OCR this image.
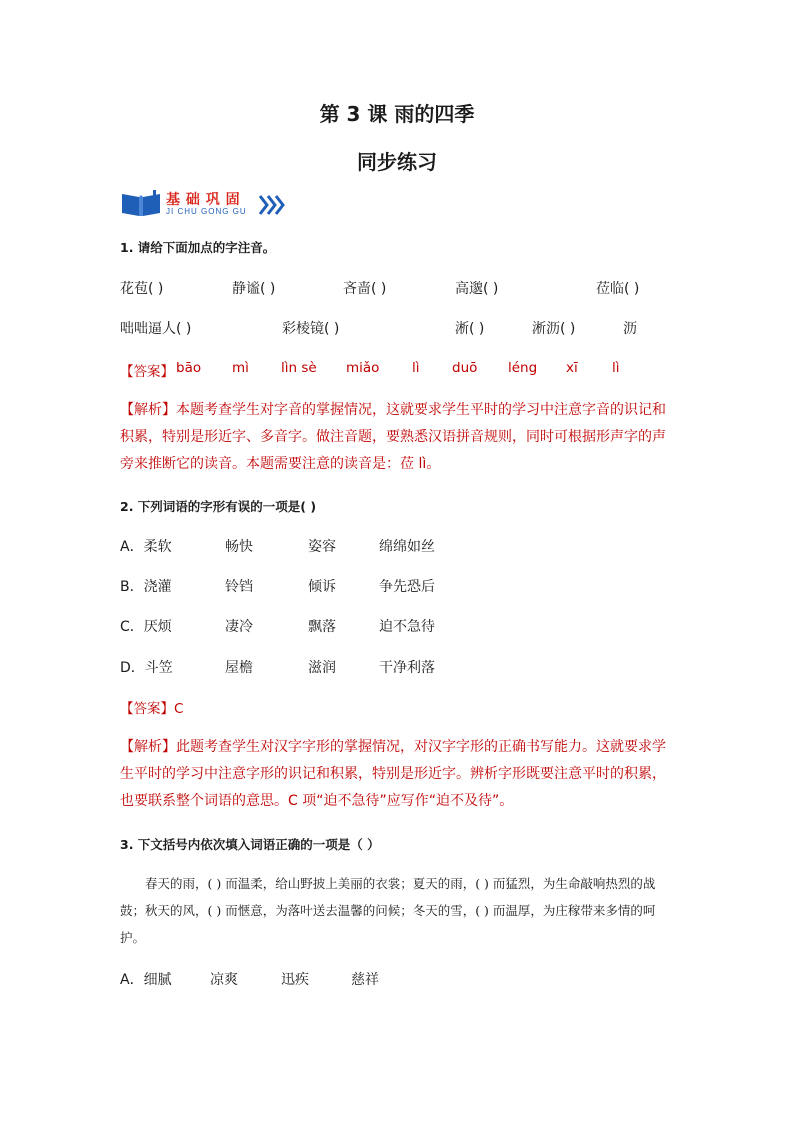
第 3 课 雨的四季
同步练习
基 础 巩 固
JI CHU GONG GU
1. 请给下面加点的字注音。
花苞( )	静谧( )	吝啬( )	高邈( )	莅临( )
咄咄逼人( )	彩棱镜( )	淅( )	淅沥( )	沥
【答案】 bāo mì lìn sè miǎo lì duō léng xī	lì
【解析】本题考查学生对字音的掌握情况，这就要求学生平时的学习中注意字音的识记和积累，特别是形近字、多音字。做注音题，要熟悉汉语拼音规则，同时可根据形声字的声旁来推断它的读音。本题需要注意的读音是：莅 lì。
2. 下列词语的字形有误的一项是( )
A．柔软	畅快	姿容	绵绵如丝
B．浇灌	铃铛	倾诉	争先恐后
C．厌烦	凄冷	飘落	迫不急待
D．斗笠	屋檐	滋润	干净利落
【答案】C
【解析】此题考查学生对汉字字形的掌握情况，对汉字字形的正确书写能力。这就要求学生平时的学习中注意字形的识记和积累，特别是形近字。辨析字形既要注意平时的积累，也要联系整个词语的意思。C 项“迫不急待”应写作“迫不及待”。
3. 下文括号内依次填入词语正确的一项是（ ）
春天的雨，( ) 而温柔，给山野披上美丽的衣裳；夏天的雨，( ) 而猛烈，为生命敲响热烈的战鼓；秋天的风，( ) 而惬意，为落叶送去温馨的问候；冬天的雪，( ) 而温厚，为庄稼带来多情的呵护。
A．细腻	凉爽	迅疾	慈祥
